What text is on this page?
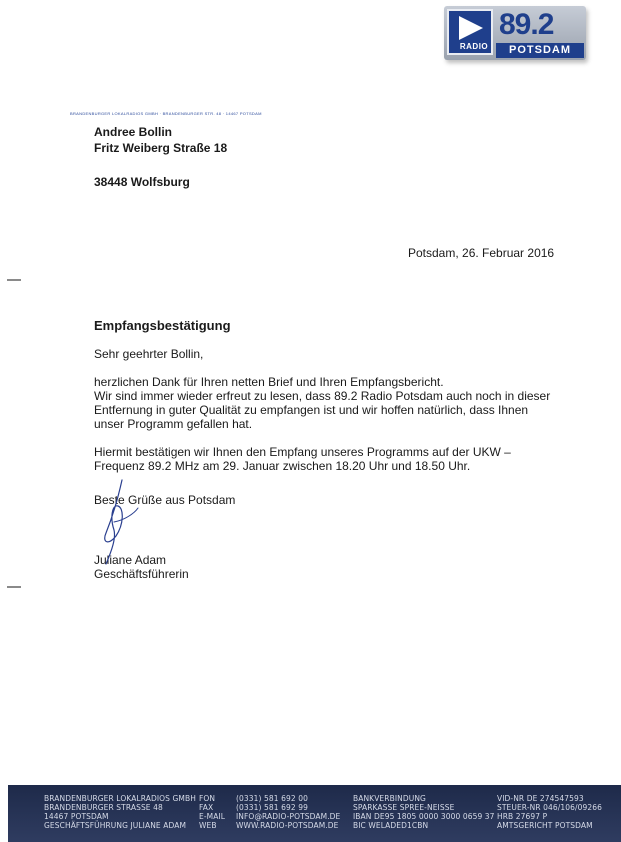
RADIO
89.2
POTSDAM
BRANDENBURGER LOKALRADIOS GMBH · BRANDENBURGER STR. 48 · 14467 POTSDAM
Andree Bollin
Fritz Weiberg Straße 18
38448 Wolfsburg
Potsdam, 26. Februar 2016
Empfangsbestätigung

Sehr geehrter Bollin,

herzlichen Dank für Ihren netten Brief und Ihren Empfangsbericht.

Wir sind immer wieder erfreut zu lesen, dass 89.2 Radio Potsdam auch noch in dieser Entfernung in guter Qualität zu empfangen ist und wir hoffen natürlich, dass Ihnen unser Programm gefallen hat.

Hiermit bestätigen wir Ihnen den Empfang unseres Programms auf der UKW – Frequenz 89.2 MHz am 29. Januar zwischen 18.20 Uhr und 18.50 Uhr.

Beste Grüße aus Potsdam

Juliane Adam

Geschäftsführerin

BRANDENBURGER LOKALRADIOS GMBH
BRANDENBURGER STRASSE 48
14467 POTSDAM
GESCHÄFTSFÜHRUNG JULIANE ADAM
FON
FAX
E-MAIL
WEB
(0331) 581 692 00
(0331) 581 692 99
INFO@RADIO-POTSDAM.DE
WWW.RADIO-POTSDAM.DE
BANKVERBINDUNG
SPARKASSE SPREE-NEISSE
IBAN DE95 1805 0000 3000 0659 37
BIC WELADED1CBN
VID-NR DE 274547593
STEUER-NR 046/106/09266
HRB 27697 P
AMTSGERICHT POTSDAM
